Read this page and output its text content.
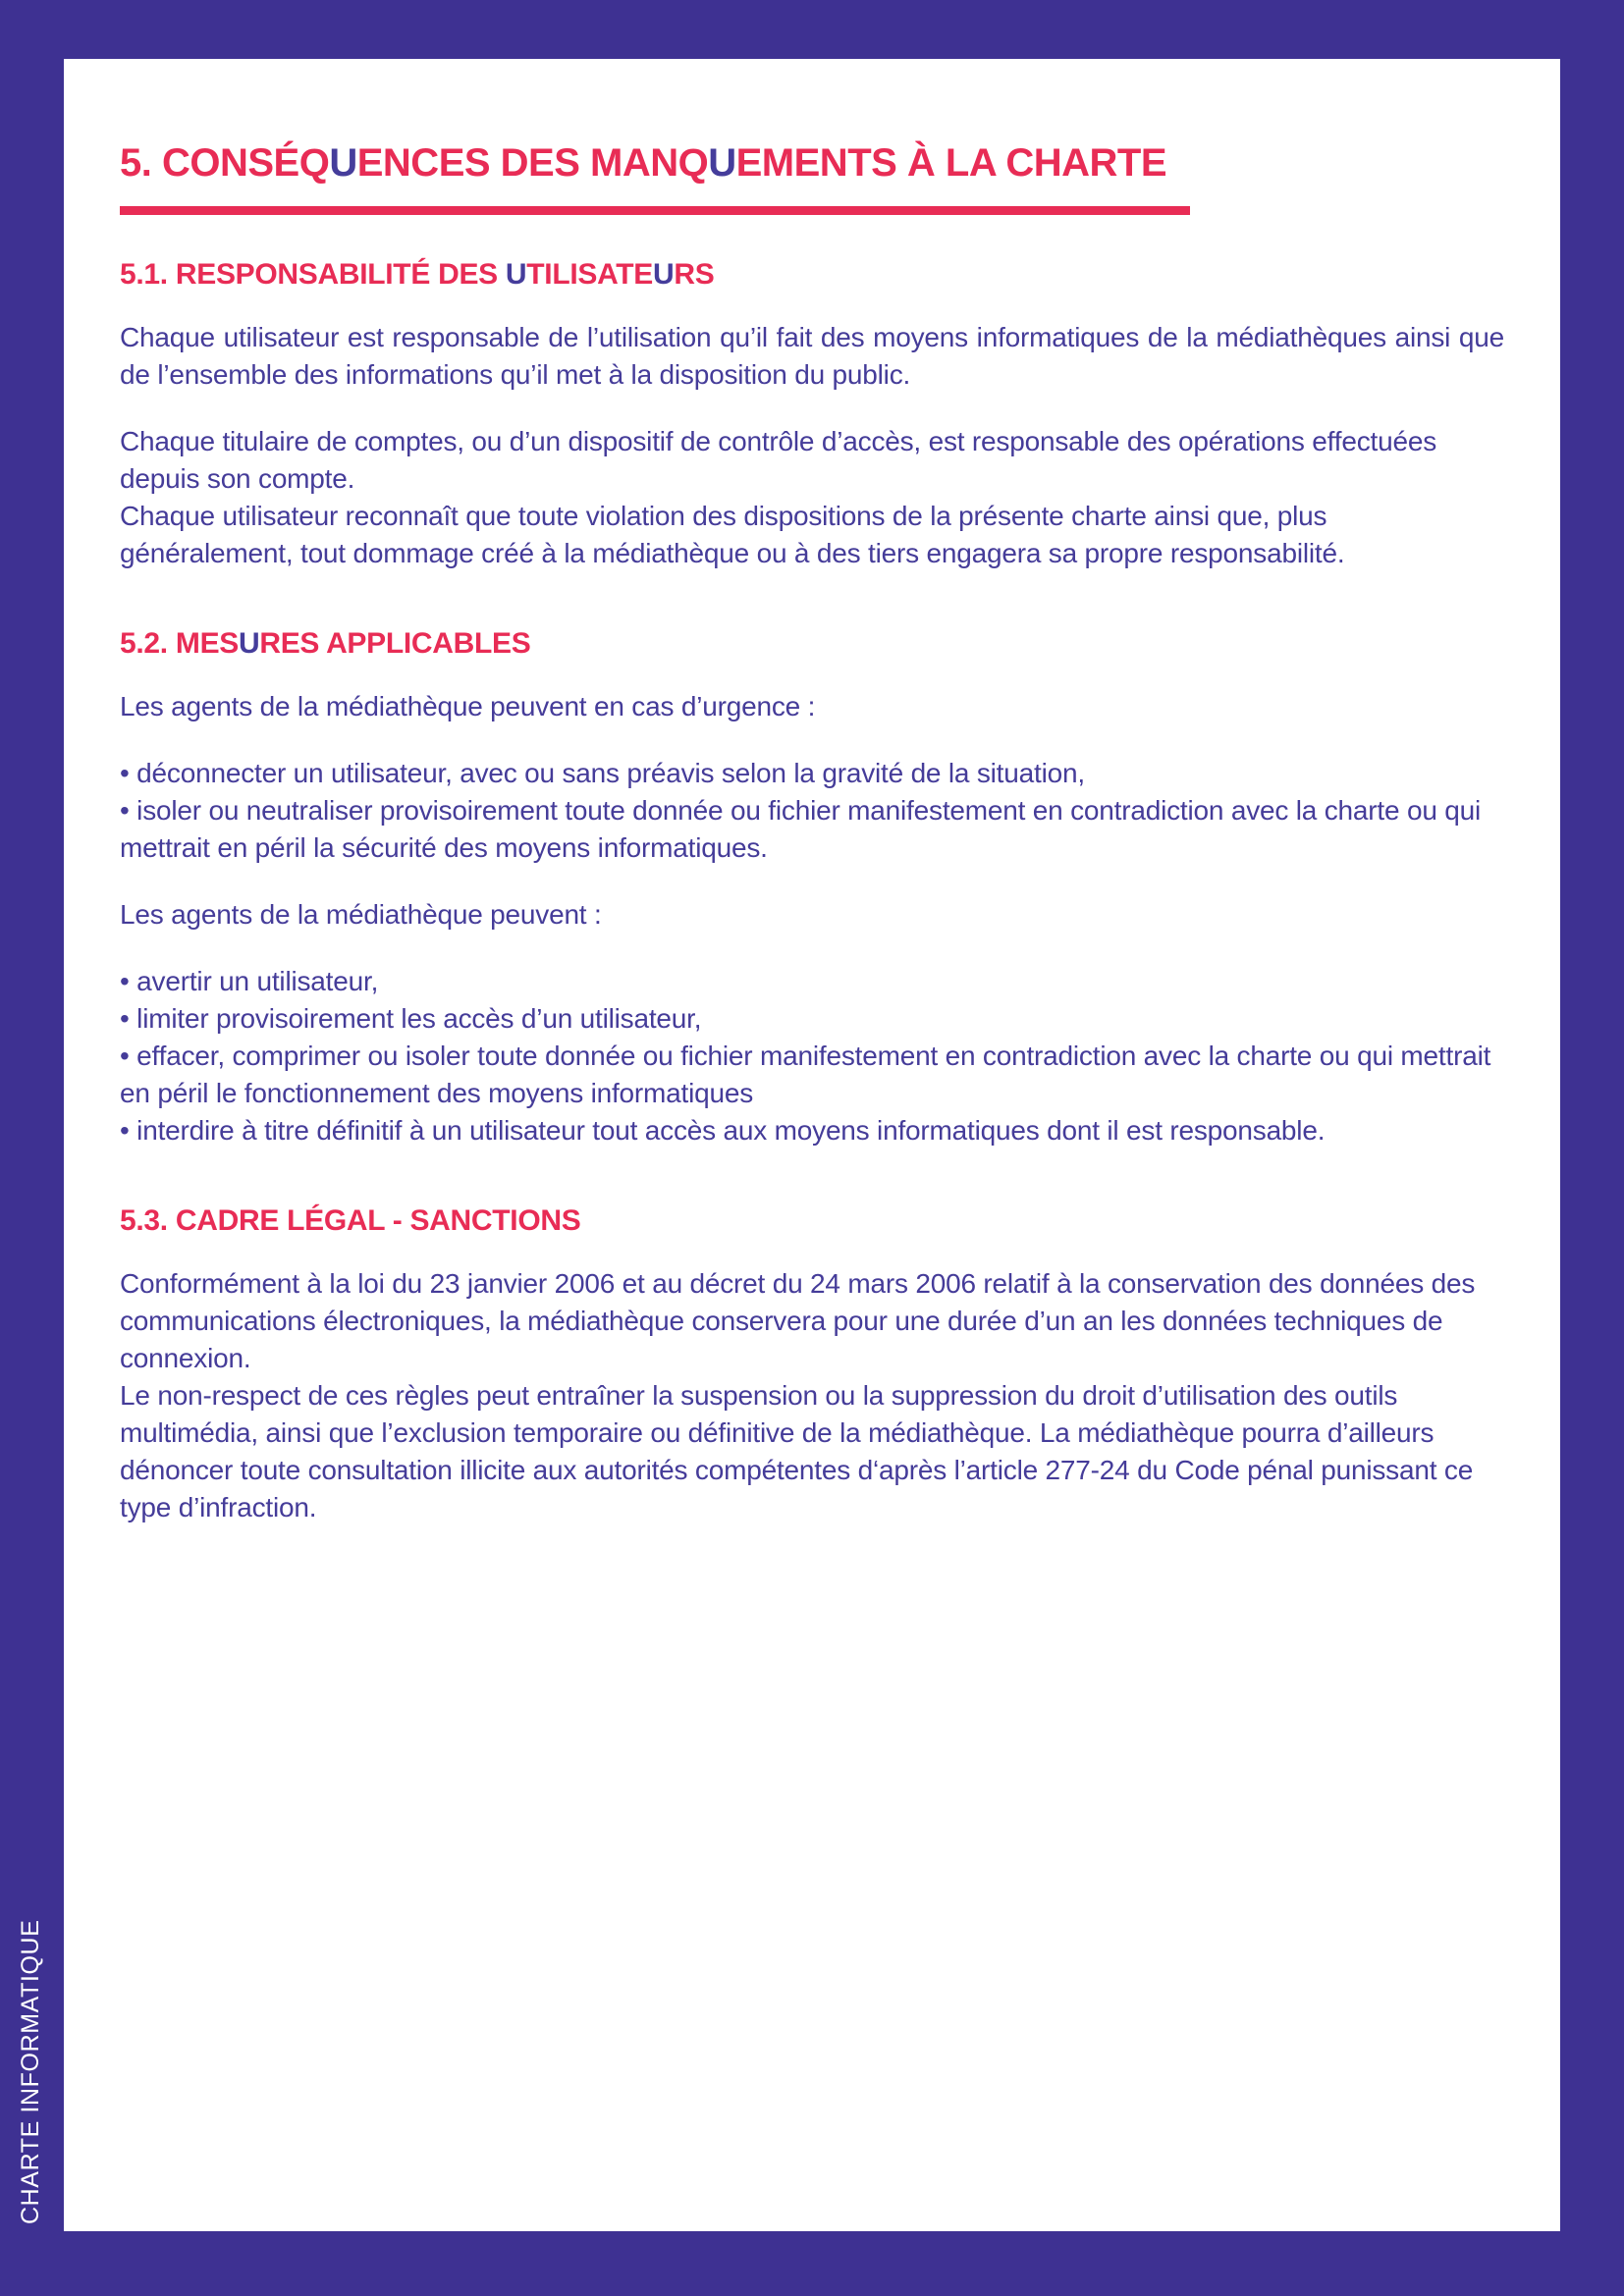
5. CONSÉQUENCES DES MANQUEMENTS À LA CHARTE
5.1. RESPONSABILITÉ DES UTILISATEURS

Chaque utilisateur est responsable de l’utilisation qu’il fait des moyens informatiques de la médiathèques ainsi que de l’ensemble des informations qu’il met à la disposition du public.

Chaque titulaire de comptes, ou d’un dispositif de contrôle d’accès, est responsable des opérations effectuées depuis son compte.

Chaque utilisateur reconnaît que toute violation des dispositions de la présente charte ainsi que, plus généralement, tout dommage créé à la médiathèque ou à des tiers engagera sa propre responsabilité.

5.2. MESURES APPLICABLES

Les agents de la médiathèque peuvent en cas d’urgence :

• déconnecter un utilisateur, avec ou sans préavis selon la gravité de la situation,

• isoler ou neutraliser provisoirement toute donnée ou fichier manifestement en contradiction avec la charte ou qui mettrait en péril la sécurité des moyens informatiques.

Les agents de la médiathèque peuvent :

• avertir un utilisateur,

• limiter provisoirement les accès d’un utilisateur,

• effacer, comprimer ou isoler toute donnée ou fichier manifestement en contradiction avec la charte ou qui mettrait en péril le fonctionnement des moyens informatiques

• interdire à titre définitif à un utilisateur tout accès aux moyens informatiques dont il est responsable.

5.3. CADRE LÉGAL - SANCTIONS

Conformément à la loi du 23 janvier 2006 et au décret du 24 mars 2006 relatif à la conservation des données des communications électroniques, la médiathèque conservera pour une durée d’un an les données techniques de connexion.

Le non-respect de ces règles peut entraîner la suspension ou la suppression du droit d’utilisation des outils multimédia, ainsi que l’exclusion temporaire ou définitive de la médiathèque. La médiathèque pourra d’ailleurs dénoncer toute consultation illicite aux autorités compétentes d‘après l’article 277-24 du Code pénal punissant ce type d’infraction.

CHARTE INFORMATIQUE
